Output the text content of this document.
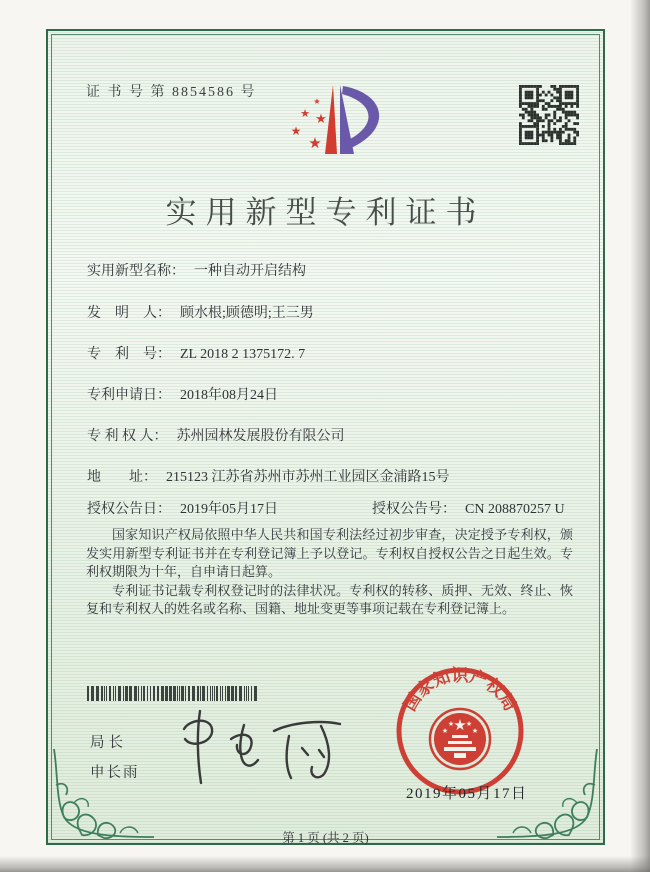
证 书 号 第 8854586 号
★
★ ★
★
★
实用新型专利证书
实用新型名称： 一种自动开启结构
发　明　人： 顾水根;顾德明;王三男
专　利　号： ZL 2018 2 1375172. 7
专利申请日： 2018年08月24日
专 利 权 人： 苏州园林发展股份有限公司
地　　址： 215123 江苏省苏州市苏州工业园区金浦路15号
授权公告日： 2019年05月17日	授权公告号： CN 208870257 U

国家知识产权局依照中华人民共和国专利法经过初步审查，决定授予专利权，颁发实用新型专利证书并在专利登记簿上予以登记。专利权自授权公告之日起生效。专利权期限为十年，自申请日起算。

专利证书记载专利权登记时的法律状况。专利权的转移、质押、无效、终止、恢复和专利权人的姓名或名称、国籍、地址变更等事项记载在专利登记簿上。

局长
申长雨
国家知识产权局
★
★
★ ★
★
2019年05月17日
第 1 页 (共 2 页)
